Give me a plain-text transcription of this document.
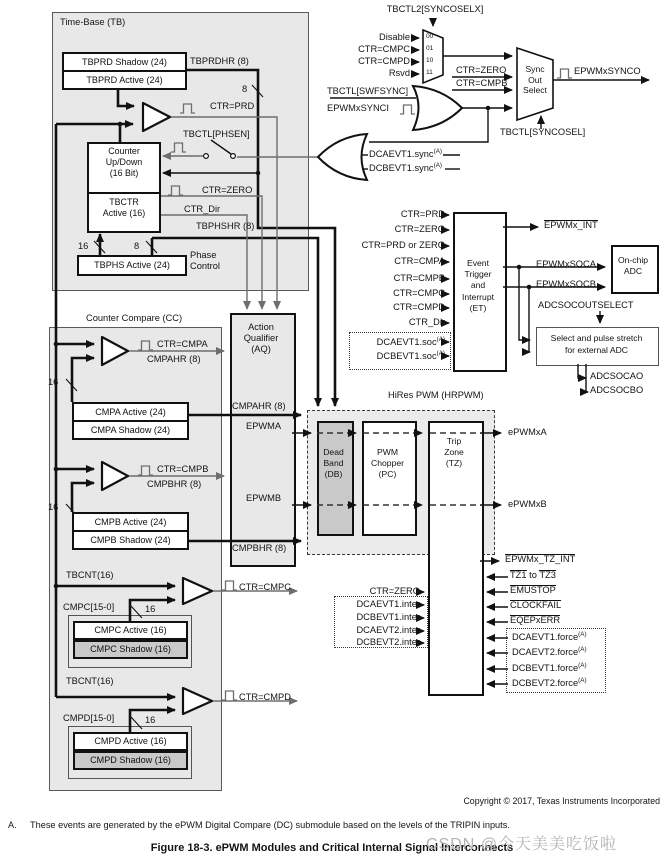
TBPRD Shadow (24)
TBPRD Active (24)
Counter
Up/Down
(16 Bit)
TBCTR
Active (16)
TBPHS Active (24)
CMPA Active (24)
CMPA Shadow (24)
CMPB Active (24)
CMPB Shadow (24)
CMPC Active (16)
CMPC Shadow (16)
CMPD Active (16)
CMPD Shadow (16)
Time-Base (TB)
TBPRDHR (8)
8
CTR=PRD
TBCTL[PHSEN]
CTR=ZERO
CTR_Dir
TBPHSHR (8)
16	8
Phase
Control
TBCTL2[SYNCOSELX]
Disable
CTR=CMPC
CTR=CMPD
Rsvd
00
01
10
11 CTR=ZERO
CTR=CMPB
TBCTL[SWFSYNC]
EPWMxSYNCI
Sync
Out
Select
EPWMxSYNCO
TBCTL[SYNCOSEL]
DCAEVT1.sync$^{(A)}$
DCBEVT1.sync$^{(A)}$
Counter Compare (CC)
CTR=CMPA
CMPAHR (8)
16
CTR=CMPB
CMPBHR (8)
16
TBCNT(16)
CTR=CMPC
CMPC[15-0]	16
TBCNT(16)
CTR=CMPD
CMPD[15-0]	16
Action
Qualifier
(AQ)
CMPAHR (8)
EPWMA
EPWMB
CMPBHR (8)
HiRes PWM (HRPWM)
Dead
Band
(DB)
PWM
Chopper
(PC)
Trip
Zone
(TZ)
ePWMxA
ePWMxB
Event
Trigger
and
Interrupt
(ET)
CTR=PRD
CTR=ZERO
CTR=PRD or ZERO
CTR=CMPA
CTR=CMPB
CTR=CMPC
CTR=CMPD
CTR_Dir
DCAEVT1.soc$^{(A)}$
DCBEVT1.soc$^{(A)}$
EPWMx_INT
EPWMxSOCA
EPWMxSOCB
On-chip
ADC
ADCSOCOUTSELECT
Select and pulse stretch
for external ADC
ADCSOCAO
ADCSOCBO
EPWMx_TZ_INT
TZ1 to TZ3
EMUSTOP
CLOCKFAIL
EQEPxERR
DCAEVT1.force$^{(A)}$
DCAEVT2.force$^{(A)}$
DCBEVT1.force$^{(A)}$
DCBEVT2.force$^{(A)}$
CTR=ZERO
DCAEVT1.inter
DCBEVT1.inter
DCAEVT2.inter
DCBEVT2.inter
Copyright © 2017, Texas Instruments Incorporated
A. These events are generated by the ePWM Digital Compare (DC) submodule based on the levels of the TRIPIN inputs.
Figure 18-3. ePWM Modules and Critical Internal Signal Interconnects
CSDN @今天美美吃饭啦
